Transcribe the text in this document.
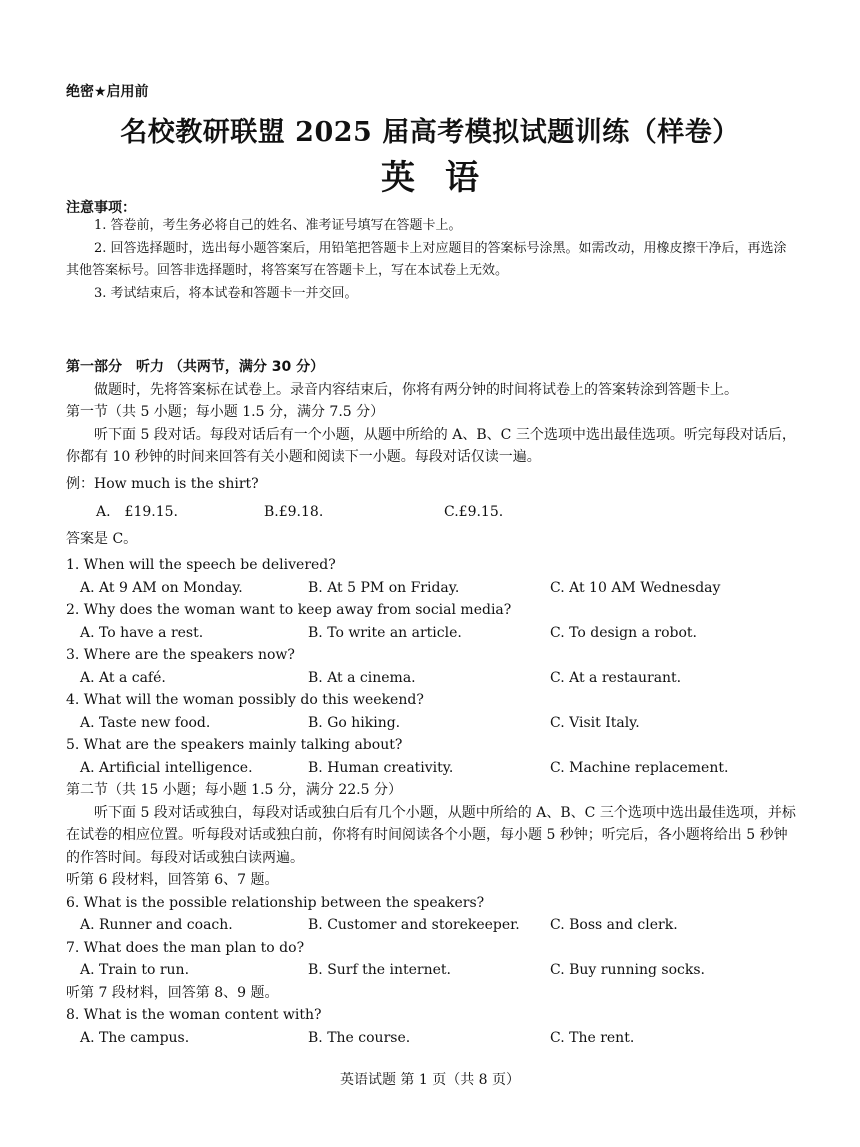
绝密★启用前
名校教研联盟 2025 届高考模拟试题训练（样卷）
英语
注意事项：

1. 答卷前，考生务必将自己的姓名、准考证号填写在答题卡上。

2. 回答选择题时，选出每小题答案后，用铅笔把答题卡上对应题目的答案标号涂黑。如需改动，用橡皮擦干净后，再选涂其他答案标号。回答非选择题时，将答案写在答题卡上，写在本试卷上无效。

3. 考试结束后，将本试卷和答题卡一并交回。

第一部分　听力 （共两节，满分 30 分）

做题时，先将答案标在试卷上。录音内容结束后，你将有两分钟的时间将试卷上的答案转涂到答题卡上。

第一节（共 5 小题；每小题 1.5 分，满分 7.5 分）

听下面 5 段对话。每段对话后有一个小题，从题中所给的 A、B、C 三个选项中选出最佳选项。听完每段对话后，你都有 10 秒钟的时间来回答有关小题和阅读下一小题。每段对话仅读一遍。

例：How much is the shirt?

A.　£19.15.	B.£9.18.	C.£9.15.

答案是 C。

1. When will the speech be delivered?

A. At 9 AM on Monday.	B. At 5 PM on Friday.	C. At 10 AM Wednesday

2. Why does the woman want to keep away from social media?

A. To have a rest.	B. To write an article.	C. To design a robot.

3. Where are the speakers now?

A. At a café.	B. At a cinema.	C. At a restaurant.

4. What will the woman possibly do this weekend?

A. Taste new food.	B. Go hiking.	C. Visit Italy.

5. What are the speakers mainly talking about?

A. Artificial intelligence.	B. Human creativity.	C. Machine replacement.

第二节（共 15 小题；每小题 1.5 分，满分 22.5 分）

听下面 5 段对话或独白，每段对话或独白后有几个小题，从题中所给的 A、B、C 三个选项中选出最佳选项，并标在试卷的相应位置。听每段对话或独白前，你将有时间阅读各个小题，每小题 5 秒钟；听完后，各小题将给出 5 秒钟的作答时间。每段对话或独白读两遍。

听第 6 段材料，回答第 6、7 题。

6. What is the possible relationship between the speakers?

A. Runner and coach.	B. Customer and storekeeper.	C. Boss and clerk.

7. What does the man plan to do?

A. Train to run.	B. Surf the internet.	C. Buy running socks.

听第 7 段材料，回答第 8、9 题。

8. What is the woman content with?

A. The campus.	B. The course.	C. The rent.
英语试题 第 1 页（共 8 页）
